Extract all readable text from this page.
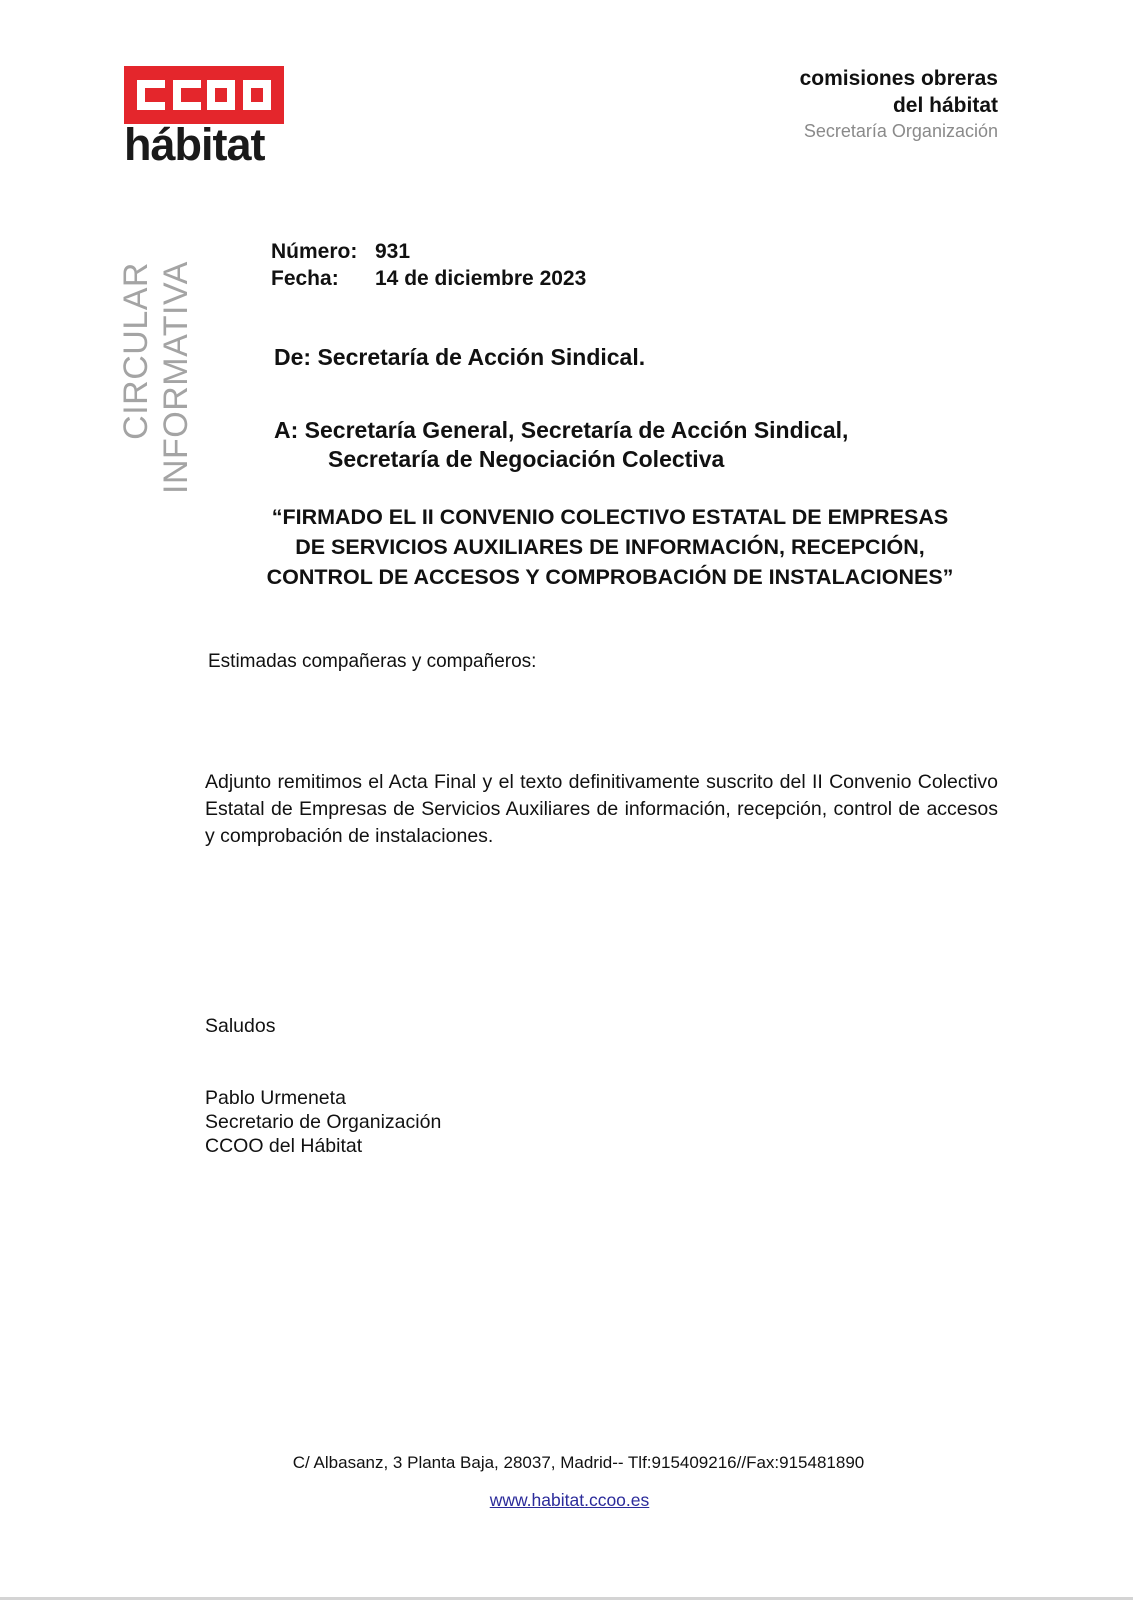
hábitat
comisiones obreras
del hábitat
Secretaría Organización
CIRCULAR INFORMATIVA
Número: 931
Fecha:	14 de diciembre 2023
De: Secretaría de Acción Sindical.
A: Secretaría General, Secretaría de Acción Sindical,
Secretaría de Negociación Colectiva
“FIRMADO EL II CONVENIO COLECTIVO ESTATAL DE EMPRESAS
DE SERVICIOS AUXILIARES DE INFORMACIÓN, RECEPCIÓN,
CONTROL DE ACCESOS Y COMPROBACIÓN DE INSTALACIONES”
Estimadas compañeras y compañeros:
Adjunto remitimos el Acta Final y el texto definitivamente suscrito del II Convenio Colectivo Estatal de Empresas de Servicios Auxiliares de información, recepción, control de accesos y comprobación de instalaciones.
Saludos
Pablo Urmeneta
Secretario de Organización
CCOO del Hábitat
C/ Albasanz, 3 Planta Baja, 28037, Madrid-- Tlf:915409216//Fax:915481890
www.habitat.ccoo.es
